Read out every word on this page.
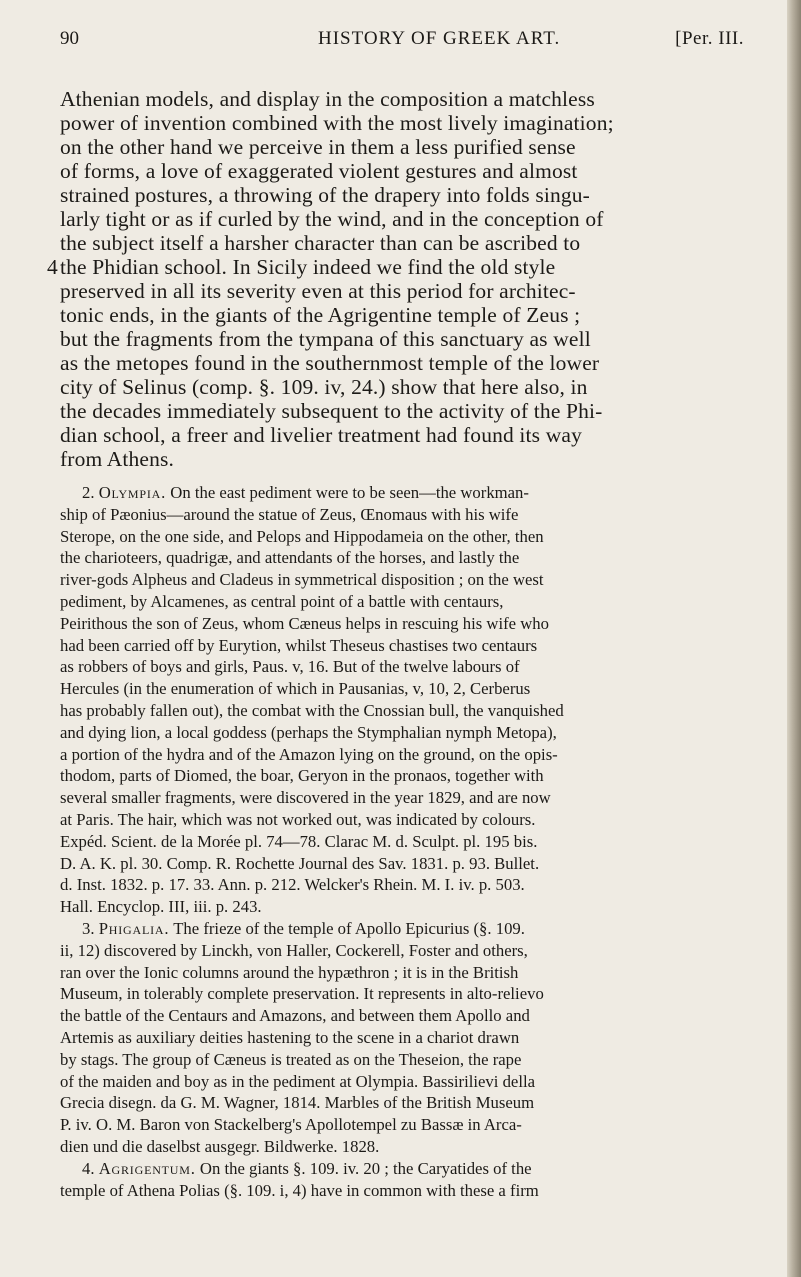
90	HISTORY OF GREEK ART.	[Per. III.
Athenian models, and display in the composition a matchless
power of invention combined with the most lively imagination;
on the other hand we perceive in them a less purified sense
of forms, a love of exaggerated violent gestures and almost
strained postures, a throwing of the drapery into folds singu-
larly tight or as if curled by the wind, and in the conception of
the subject itself a harsher character than can be ascribed to
4 the Phidian school. In Sicily indeed we find the old style
preserved in all its severity even at this period for architec-
tonic ends, in the giants of the Agrigentine temple of Zeus ;
but the fragments from the tympana of this sanctuary as well
as the metopes found in the southernmost temple of the lower
city of Selinus (comp. §. 109. iv, 24.) show that here also, in
the decades immediately subsequent to the activity of the Phi-
dian school, a freer and livelier treatment had found its way
from Athens.
2. Olympia. On the east pediment were to be seen—the workman-
ship of Pæonius—around the statue of Zeus, Œnomaus with his wife
Sterope, on the one side, and Pelops and Hippodameia on the other, then
the charioteers, quadrigæ, and attendants of the horses, and lastly the
river-gods Alpheus and Cladeus in symmetrical disposition ; on the west
pediment, by Alcamenes, as central point of a battle with centaurs,
Peirithous the son of Zeus, whom Cæneus helps in rescuing his wife who
had been carried off by Eurytion, whilst Theseus chastises two centaurs
as robbers of boys and girls, Paus. v, 16. But of the twelve labours of
Hercules (in the enumeration of which in Pausanias, v, 10, 2, Cerberus
has probably fallen out), the combat with the Cnossian bull, the vanquished
and dying lion, a local goddess (perhaps the Stymphalian nymph Metopa),
a portion of the hydra and of the Amazon lying on the ground, on the opis-
thodom, parts of Diomed, the boar, Geryon in the pronaos, together with
several smaller fragments, were discovered in the year 1829, and are now
at Paris. The hair, which was not worked out, was indicated by colours.
Expéd. Scient. de la Morée pl. 74—78. Clarac M. d. Sculpt. pl. 195 bis.
D. A. K. pl. 30. Comp. R. Rochette Journal des Sav. 1831. p. 93. Bullet.
d. Inst. 1832. p. 17. 33. Ann. p. 212. Welcker's Rhein. M. I. iv. p. 503.
Hall. Encyclop. III, iii. p. 243.
3. Phigalia. The frieze of the temple of Apollo Epicurius (§. 109.
ii, 12) discovered by Linckh, von Haller, Cockerell, Foster and others,
ran over the Ionic columns around the hypæthron ; it is in the British
Museum, in tolerably complete preservation. It represents in alto-relievo
the battle of the Centaurs and Amazons, and between them Apollo and
Artemis as auxiliary deities hastening to the scene in a chariot drawn
by stags. The group of Cæneus is treated as on the Theseion, the rape
of the maiden and boy as in the pediment at Olympia. Bassirilievi della
Grecia disegn. da G. M. Wagner, 1814. Marbles of the British Museum
P. iv. O. M. Baron von Stackelberg's Apollotempel zu Bassæ in Arca-
dien und die daselbst ausgegr. Bildwerke. 1828.
4. Agrigentum. On the giants §. 109. iv. 20 ; the Caryatides of the
temple of Athena Polias (§. 109. i, 4) have in common with these a firm
